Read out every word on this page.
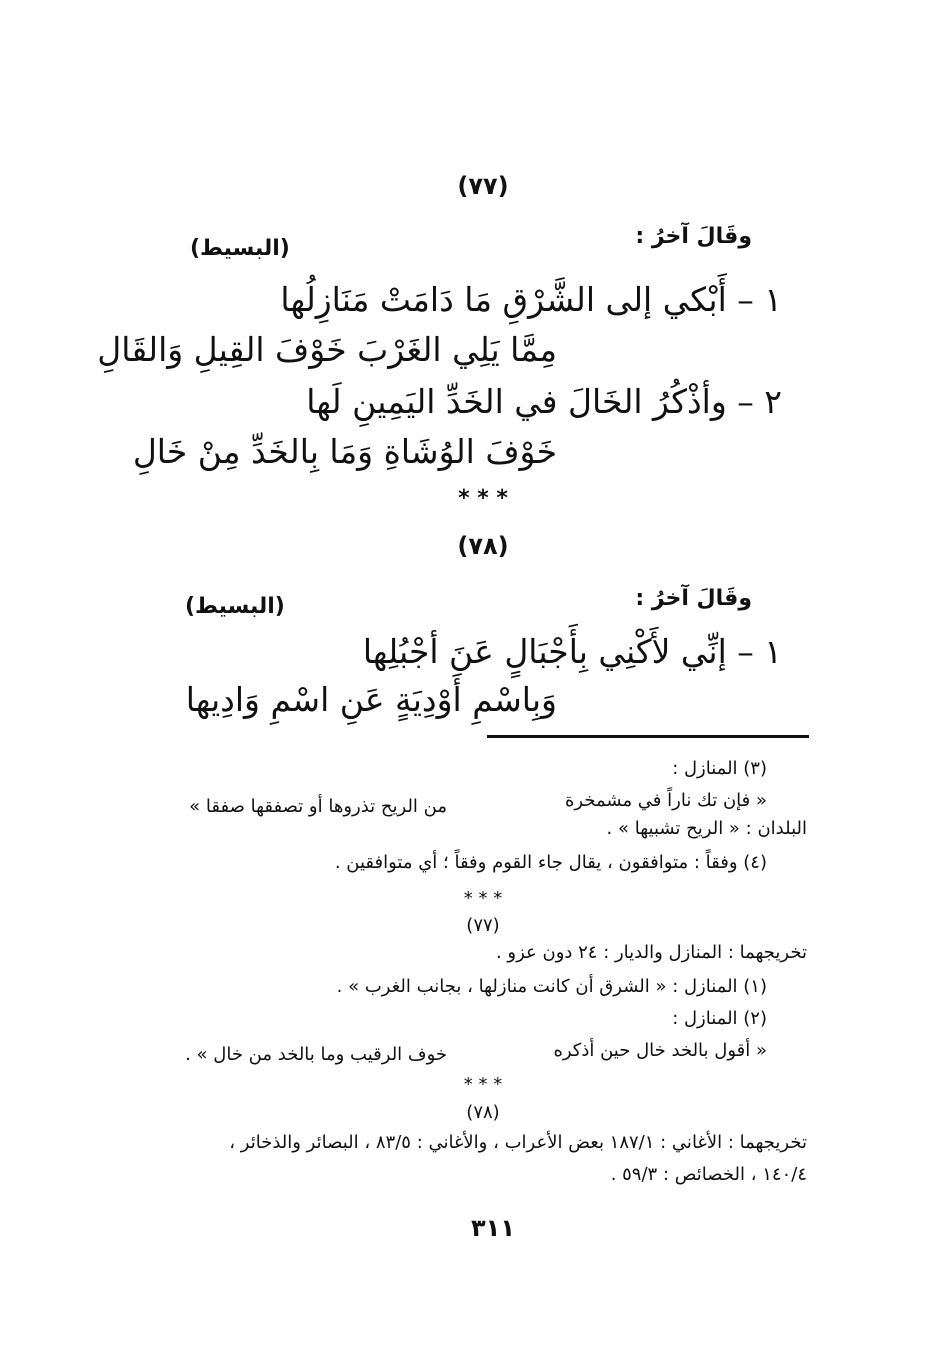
(٧٧)
وقَالَ آخرُ :
(البسيط)
١ – أَبْكي إلى الشَّرْقِ مَا دَامَتْ مَنَازِلُها
مِمَّا يَلِي الغَرْبَ خَوْفَ القِيلِ وَالقَالِ
٢ – وأذْكُرُ الخَالَ في الخَدِّ اليَمِينِ لَها
خَوْفَ الوُشَاةِ وَمَا بِالخَدِّ مِنْ خَالِ
* * *
(٧٨)
وقَالَ آخرُ :
(البسيط)
١ – إنِّي لأَكْنِي بِأَجْبَالٍ عَنَ أجْبُلِها
وَبِاسْمِ أَوْدِيَةٍ عَنِ اسْمِ وَادِيها
(٣) المنازل :
« فإن تك ناراً في مشمخرة
من الريح تذروها أو تصفقها صفقا »
البلدان : « الريح تشبيها » .
(٤) وفقاً : متوافقون ، يقال جاء القوم وفقاً ؛ أي متوافقين .
* * *
(٧٧)
تخريجهما : المنازل والديار : ٢٤ دون عزو .
(١) المنازل : « الشرق أن كانت منازلها ، بجانب الغرب » .
(٢) المنازل :
« أقول بالخد خال حين أذكره
خوف الرقيب وما بالخد من خال » .
* * *
(٧٨)
تخريجهما : الأغاني : ١٨٧/١ بعض الأعراب ، والأغاني : ٨٣/٥ ، البصائر والذخائر ،
١٤٠/٤ ، الخصائص : ٥٩/٣ .
٣١١
